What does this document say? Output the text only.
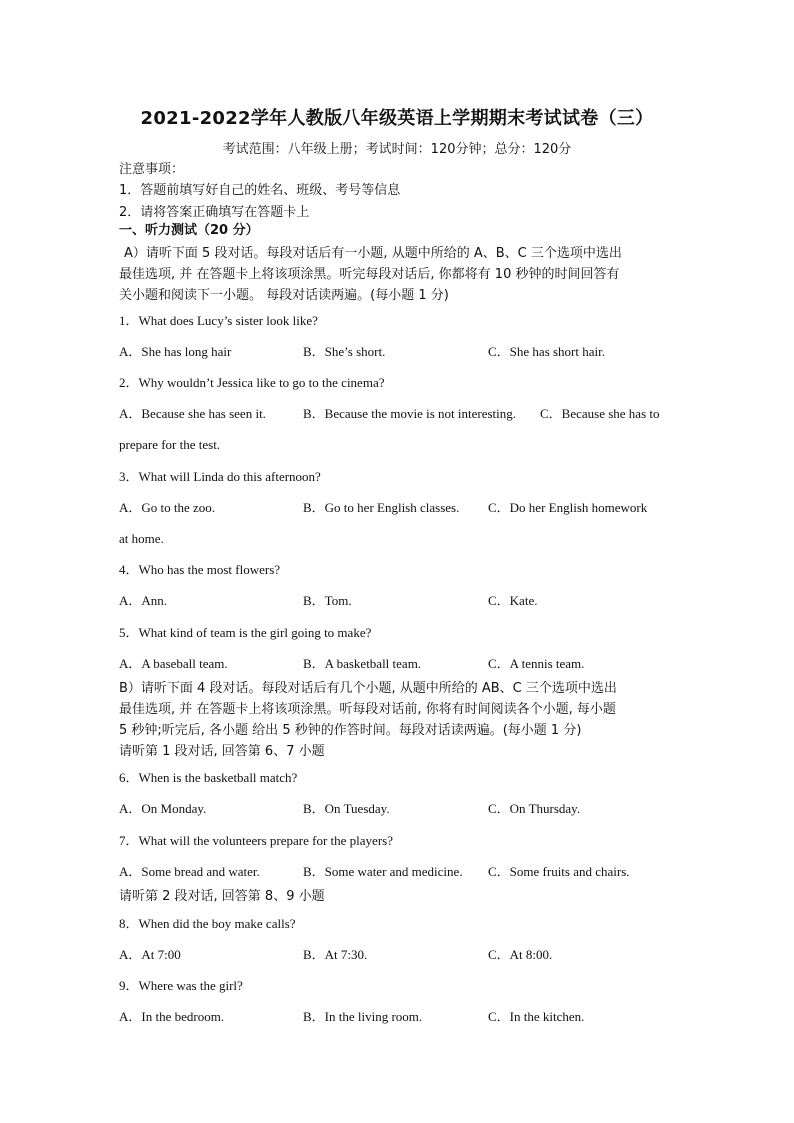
2021-2022学年人教版八年级英语上学期期末考试试卷（三）
考试范围：八年级上册；考试时间：120分钟；总分：120分
注意事项：
1．答题前填写好自己的姓名、班级、考号等信息
2．请将答案正确填写在答题卡上
一、听力测试（20 分）
A）请听下面 5 段对话。每段对话后有一小题, 从题中所给的 A、B、C 三个选项中选出
最佳选项, 并 在答题卡上将该项涂黑。听完每段对话后, 你都将有 10 秒钟的时间回答有
关小题和阅读下一小题。 每段对话读两遍。(每小题 1 分)
1．What does Lucy’s sister look like?
A．She has long hair	B．She’s short.	C．She has short hair.
2．Why wouldn’t Jessica like to go to the cinema?
A．Because she has seen it.	B．Because the movie is not interesting. C．Because she has to
prepare for the test.
3．What will Linda do this afternoon?
A．Go to the zoo.	B．Go to her English classes. C．Do her English homework
at home.
4．Who has the most flowers?
A．Ann.	B．Tom.	C．Kate.
5．What kind of team is the girl going to make?
A．A baseball team.	B．A basketball team.	C．A tennis team.
B）请听下面 4 段对话。每段对话后有几个小题, 从题中所给的 AB、C 三个选项中选出
最佳选项, 并 在答题卡上将该项涂黑。听每段对话前, 你将有时间阅读各个小题, 每小题
5 秒钟;听完后, 各小题 给出 5 秒钟的作答时间。每段对话读两遍。(每小题 1 分)
请听第 1 段对话, 回答第 6、7 小题
6．When is the basketball match?
A．On Monday.	B．On Tuesday.	C．On Thursday.
7．What will the volunteers prepare for the players?
A．Some bread and water.	B．Some water and medicine. C．Some fruits and chairs.
请听第 2 段对话, 回答第 8、9 小题
8．When did the boy make calls?
A．At 7:00	B．At 7:30.	C．At 8:00.
9．Where was the girl?
A．In the bedroom.	B．In the living room.	C．In the kitchen.
